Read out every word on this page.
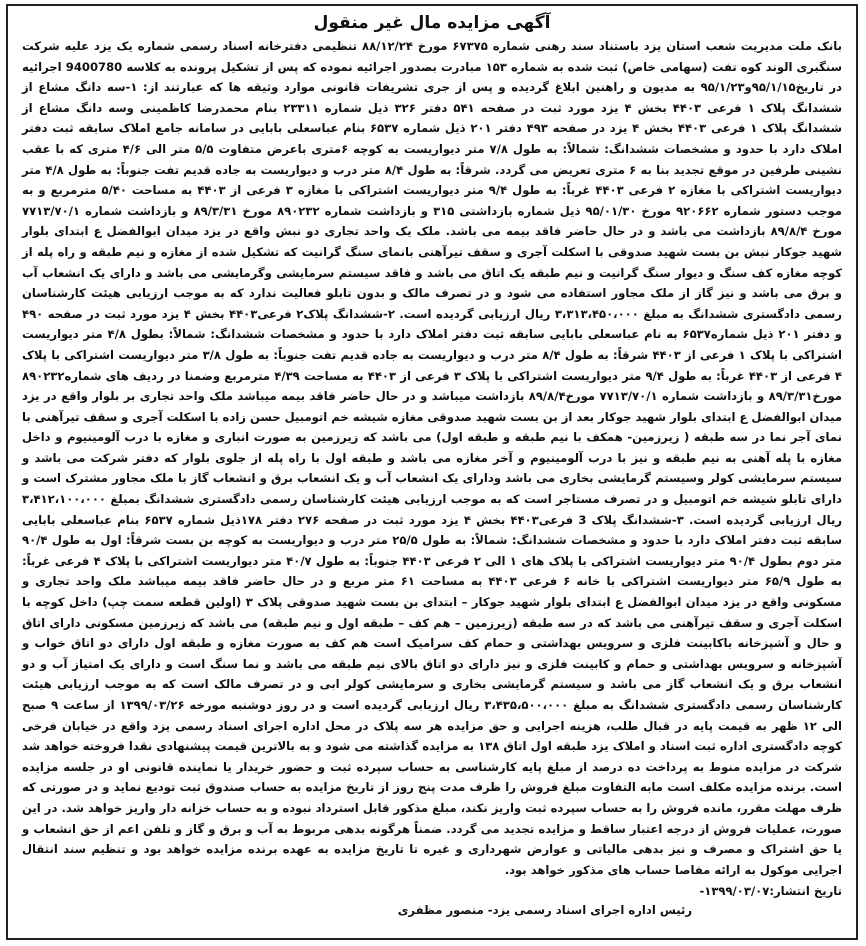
آگهی مزایده مال غیر منقول

بانک ملت مدیریت شعب استان یزد باستناد سند رهنی شماره ۶۷۳۷۵ مورخ ۸۸/۱۲/۲۴ تنظیمی دفترخانه اسناد رسمی شماره یک یزد علیه شرکت سنگبری الوند کوه تفت (سهامی خاص) ثبت شده به شماره ۱۵۳ مبادرت بصدور اجرائیه نموده که پس از تشکیل پرونده به کلاسه 9400780 اجرائیه در تاریخ۹۵/۱/۱۵و۹۵/۱/۲۳ به مدیون و راهنین ابلاغ گردیده و پس از جری تشریفات قانونی موارد وثیقه ها که عبارتند از: ۱-سه دانگ مشاع از ششدانگ پلاک ۱ فرعی ۴۴۰۳ بخش ۴ یزد مورد ثبت در صفحه ۵۴۱ دفتر ۳۲۶ ذیل شماره ۲۳۳۱۱ بنام محمدرضا کاظمینی وسه دانگ مشاع از ششدانگ پلاک ۱ فرعی ۴۴۰۳ بخش ۴ یزد در صفحه ۴۹۳ دفتر ۲۰۱ ذیل شماره ۶۵۳۷ بنام عباسعلی بابایی در سامانه جامع املاک سابقه ثبت دفتر املاک دارد با حدود و مشخصات ششدانگ: شمالاً: به طول ۷/۸ متر دیواریست به کوچه ۶متری باعرض متفاوت ۵/۵ متر الی ۴/۶ متری که با عقب نشینی طرفین در موقع تجدید بنا به ۶ متری تعریض می گردد. شرقاً: به طول ۸/۴ متر درب و دیواریست به جاده قدیم تفت جنوباً: به طول ۴/۸ متر دیواریست اشتراکی با مغازه ۲ فرعی ۴۴۰۳ غرباً: به طول ۹/۴ متر دیواریست اشتراکی با مغازه ۳ فرعی از ۴۴۰۳ به مساحت ۵/۴۰ مترمربع و به موجب دستور شماره ۹۲۰۶۶۲ مورخ ۹۵/۰۱/۳۰ ذیل شماره بازداشتی ۳۱۵ و بازداشت شماره ۸۹۰۲۳۲ مورخ ۸۹/۳/۳۱ و بازداشت شماره ۷۷۱۳/۷۰/۱ مورخ ۸۹/۸/۴ بازداشت می باشد و در حال حاضر فاقد بیمه می باشد. ملک یک واحد تجاری دو نبش واقع در یزد میدان ابوالفضل ع ابتدای بلوار شهید جوکار نبش بن بست شهید صدوقی با اسکلت آجری و سقف تیرآهنی بانمای سنگ گرانیت که تشکیل شده از مغازه و نیم طبقه و راه پله از کوچه مغازه کف سنگ و دیوار سنگ گرانیت و نیم طبقه یک اتاق می باشد و فاقد سیستم سرمایشی وگرمایشی می باشد و دارای یک انشعاب آب و برق می باشد و نیز گاز از ملک مجاور استفاده می شود و در تصرف مالک و بدون تابلو فعالیت ندارد که به موجب ارزیابی هیئت کارشناسان رسمی دادگستری ششدانگ به مبلغ ۳،۳۱۳،۴۵۰،۰۰۰ ریال ارزیابی گردیده است. ۲-ششدانگ پلاک۲ فرعی۴۴۰۳ بخش ۴ یزد مورد ثبت در صفحه ۴۹۰ و دفتر ۲۰۱ ذیل شماره۶۵۳۷ به نام عباسعلی بابایی سابقه ثبت دفتر املاک دارد با حدود و مشخصات ششدانگ: شمالاً: بطول ۴/۸ متر دیواریست اشتراکی با پلاک ۱ فرعی از ۴۴۰۳ شرقاً: به طول ۸/۴ متر درب و دیواریست به جاده قدیم تفت جنوباً: به طول ۳/۸ متر دیواریست اشتراکی با پلاک ۴ فرعی از ۴۴۰۳ غرباً: به طول ۹/۴ متر دیواریست اشتراکی با پلاک ۳ فرعی از ۴۴۰۳ به مساحت ۴/۳۹ مترمربع وضمنا در ردیف های شماره۸۹۰۲۳۲ مورخ۸۹/۳/۳۱ و بازداشت شماره ۷۷۱۳/۷۰/۱ مورخ۸۹/۸/۴ بازداشت میباشد و در حال حاضر فاقد بیمه میباشد ملک واحد تجاری بر بلوار واقع در یزد میدان ابوالفضل ع ابتدای بلوار شهید جوکار بعد از بن بست شهید صدوقی مغازه شیشه خم اتومبیل حسن زاده با اسکلت آجری و سقف تیرآهنی با نمای آجر نما در سه طبقه ( زیرزمین- همکف با نیم طبقه و طبقه اول) می باشد که زیرزمین به صورت انباری و مغازه با درب آلومینیوم و داخل مغازه با پله آهنی به نیم طبقه و نیز با درب آلومینیوم و آخر مغازه می باشد و طبقه اول با راه پله از جلوی بلوار که دفتر شرکت می باشد و سیستم سرمایشی کولر وسیستم گرمایشی بخاری می باشد ودارای یک انشعاب آب و یک انشعاب برق و انشعاب گاز با ملک مجاور مشترک است و دارای تابلو شیشه خم اتومبیل و در تصرف مستاجر است که به موجب ارزیابی هیئت کارشناسان رسمی دادگستری ششدانگ بمبلغ ۳،۴۱۲،۱۰۰،۰۰۰ ریال ارزیابی گردیده است. ۳-ششدانگ پلاک 3 فرعی۴۴۰۳ بخش ۴ یزد مورد ثبت در صفحه ۲۷۶ دفتر ۱۷۸ذیل شماره ۶۵۳۷ بنام عباسعلی بابایی سابقه ثبت دفتر املاک دارد با حدود و مشخصات ششدانگ: شمالاً: به طول ۲۵/۵ متر درب و دیواریست به کوچه بن بست شرقاً: اول به طول ۹۰/۴ متر دوم بطول ۹۰/۴ متر دیواریست اشتراکی با پلاک های ۱ الی ۲ فرعی ۴۴۰۳ جنوباً: به طول ۴۰/۷ متر دیواریست اشتراکی با پلاک ۴ فرعی غرباً: به طول ۶۵/۹ متر دیواریست اشتراکی با خانه ۶ فرعی ۴۴۰۳ به مساحت ۶۱ متر مربع و در حال حاضر فاقد بیمه میباشد ملک واحد تجاری و مسکونی واقع در یزد میدان ابوالفضل ع ابتدای بلوار شهید جوکار – ابتدای بن بست شهید صدوقی پلاک ۳ (اولین قطعه سمت چپ) داخل کوچه با اسکلت آجری و سقف تیرآهنی می باشد که در سه طبقه (زیرزمین – هم کف – طبقه اول و نیم طبقه) می باشد که زیرزمین مسکونی دارای اتاق و حال و آشپزخانه باکابینت فلزی و سرویس بهداشتی و حمام کف سرامیک است هم کف به صورت مغازه و طبقه اول دارای دو اتاق خواب و آشپزخانه و سرویس بهداشتی و حمام و کابینت فلزی و نیز دارای دو اتاق بالای نیم طبقه می باشد و نما سنگ است و دارای یک امتیاز آب و دو انشعاب برق و یک انشعاب گاز می باشد و سیستم گرمایشی بخاری و سرمایشی کولر ابی و در تصرف مالک است که به موجب ارزیابی هیئت کارشناسان رسمی دادگستری ششدانگ به مبلغ ۳،۴۳۵،۵۰۰،۰۰۰ ریال ارزیابی گردیده است و در روز دوشنبه مورخه ۱۳۹۹/۰۳/۲۶ از ساعت ۹ صبح الی ۱۲ ظهر به قیمت پایه در قبال طلب، هزینه اجرایی و حق مزایده هر سه پلاک در محل اداره اجرای اسناد رسمی یزد واقع در خیابان فرخی کوچه دادگستری اداره ثبت اسناد و املاک یزد طبقه اول اتاق ۱۳۸ به مزایده گذاشته می شود و به بالاترین قیمت پیشنهادی نقدا فروخته خواهد شد شرکت در مزایده منوط به پرداخت ده درصد از مبلغ پایه کارشناسی به حساب سپرده ثبت و حضور خریدار یا نماینده قانونی او در جلسه مزایده است. برنده مزایده مکلف است مابه التفاوت مبلغ فروش را ظرف مدت پنج روز از تاریخ مزایده به حساب صندوق ثبت تودیع نماید و در صورتی که ظرف مهلت مقرر، مانده فروش را به حساب سپرده ثبت واریز نکند، مبلغ مذکور قابل استرداد نبوده و به حساب خزانه دار واریز خواهد شد. در این صورت، عملیات فروش از درجه اعتبار ساقط و مزایده تجدید می گردد. ضمناً هرگونه بدهی مربوط به آب و برق و گاز و تلفن اعم از حق انشعاب و یا حق اشتراک و مصرف و نیز بدهی مالیاتی و عوارض شهرداری و غیره تا تاریخ مزایده به عهده برنده مزایده خواهد بود و تنظیم سند انتقال اجرایی موکول به ارائه مفاصا حساب های مذکور خواهد بود.

تاریخ انتشار:۱۳۹۹/۰۳/۰۷-
رئیس اداره اجرای اسناد رسمی یزد- منصور مظفری
